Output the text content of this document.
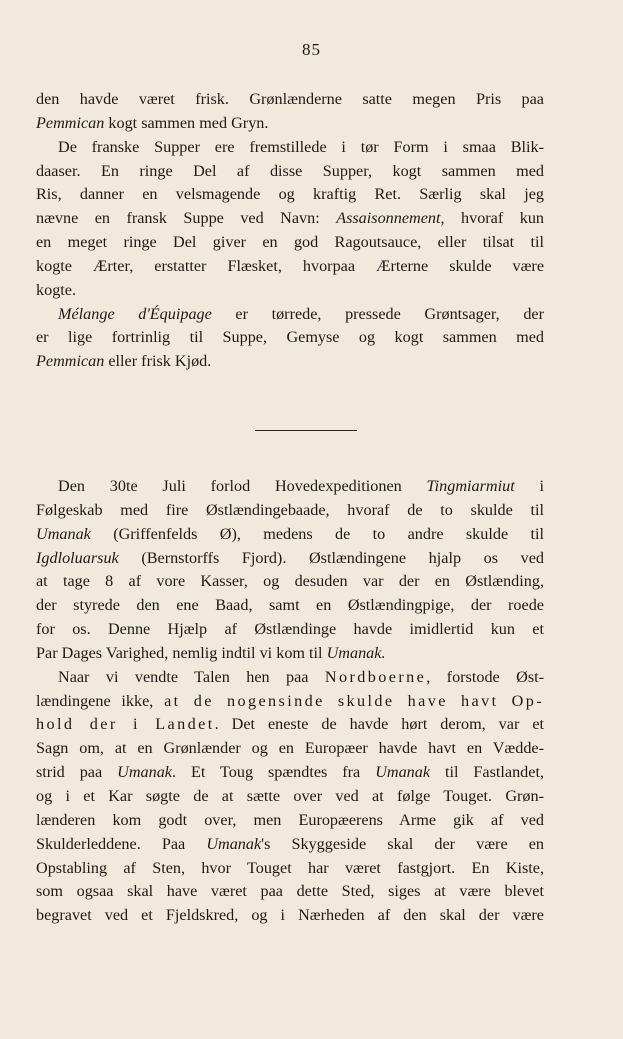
85
den havde været frisk. Grønlænderne satte megen Pris paa
Pemmican kogt sammen med Gryn.
De franske Supper ere fremstillede i tør Form i smaa Blik-
daaser. En ringe Del af disse Supper, kogt sammen med
Ris, danner en velsmagende og kraftig Ret. Særlig skal jeg
nævne en fransk Suppe ved Navn: Assaisonnement, hvoraf kun
en meget ringe Del giver en god Ragoutsauce, eller tilsat til
kogte Ærter, erstatter Flæsket, hvorpaa Ærterne skulde være
kogte.
Mélange d'Équipage er tørrede, pressede Grøntsager, der
er lige fortrinlig til Suppe, Gemyse og kogt sammen med
Pemmican eller frisk Kjød.
Den 30te Juli forlod Hovedexpeditionen Tingmiarmiut i
Følgeskab med fire Østlændingebaade, hvoraf de to skulde til
Umanak (Griffenfelds Ø), medens de to andre skulde til
Igdloluarsuk (Bernstorffs Fjord). Østlændingene hjalp os ved
at tage 8 af vore Kasser, og desuden var der en Østlænding,
der styrede den ene Baad, samt en Østlændingpige, der roede
for os. Denne Hjælp af Østlændinge havde imidlertid kun et
Par Dages Varighed, nemlig indtil vi kom til Umanak.
Naar vi vendte Talen hen paa Nordboerne, forstode Øst-
lændingene ikke, at de nogensinde skulde have havt Op-
hold der i Landet. Det eneste de havde hørt derom, var et
Sagn om, at en Grønlænder og en Europæer havde havt en Vædde-
strid paa Umanak. Et Toug spændtes fra Umanak til Fastlandet,
og i et Kar søgte de at sætte over ved at følge Touget. Grøn-
lænderen kom godt over, men Europæerens Arme gik af ved
Skulderleddene. Paa Umanak's Skyggeside skal der være en
Opstabling af Sten, hvor Touget har været fastgjort. En Kiste,
som ogsaa skal have været paa dette Sted, siges at være blevet
begravet ved et Fjeldskred, og i Nærheden af den skal der være
